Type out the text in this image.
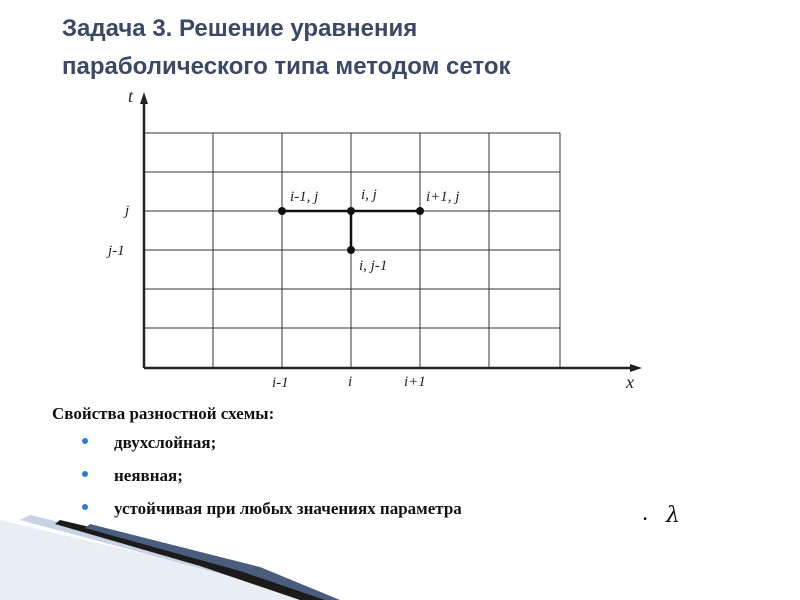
Задача 3. Решение уравнения
параболического типа методом сеток
t
x
j
j-1
i-1	i	i+1
i-1, j	i, j	i+1, j
i, j-1

Свойства разностной схемы:

двухслойная;
неявная;
устойчивая при любых значениях параметра	. λ
